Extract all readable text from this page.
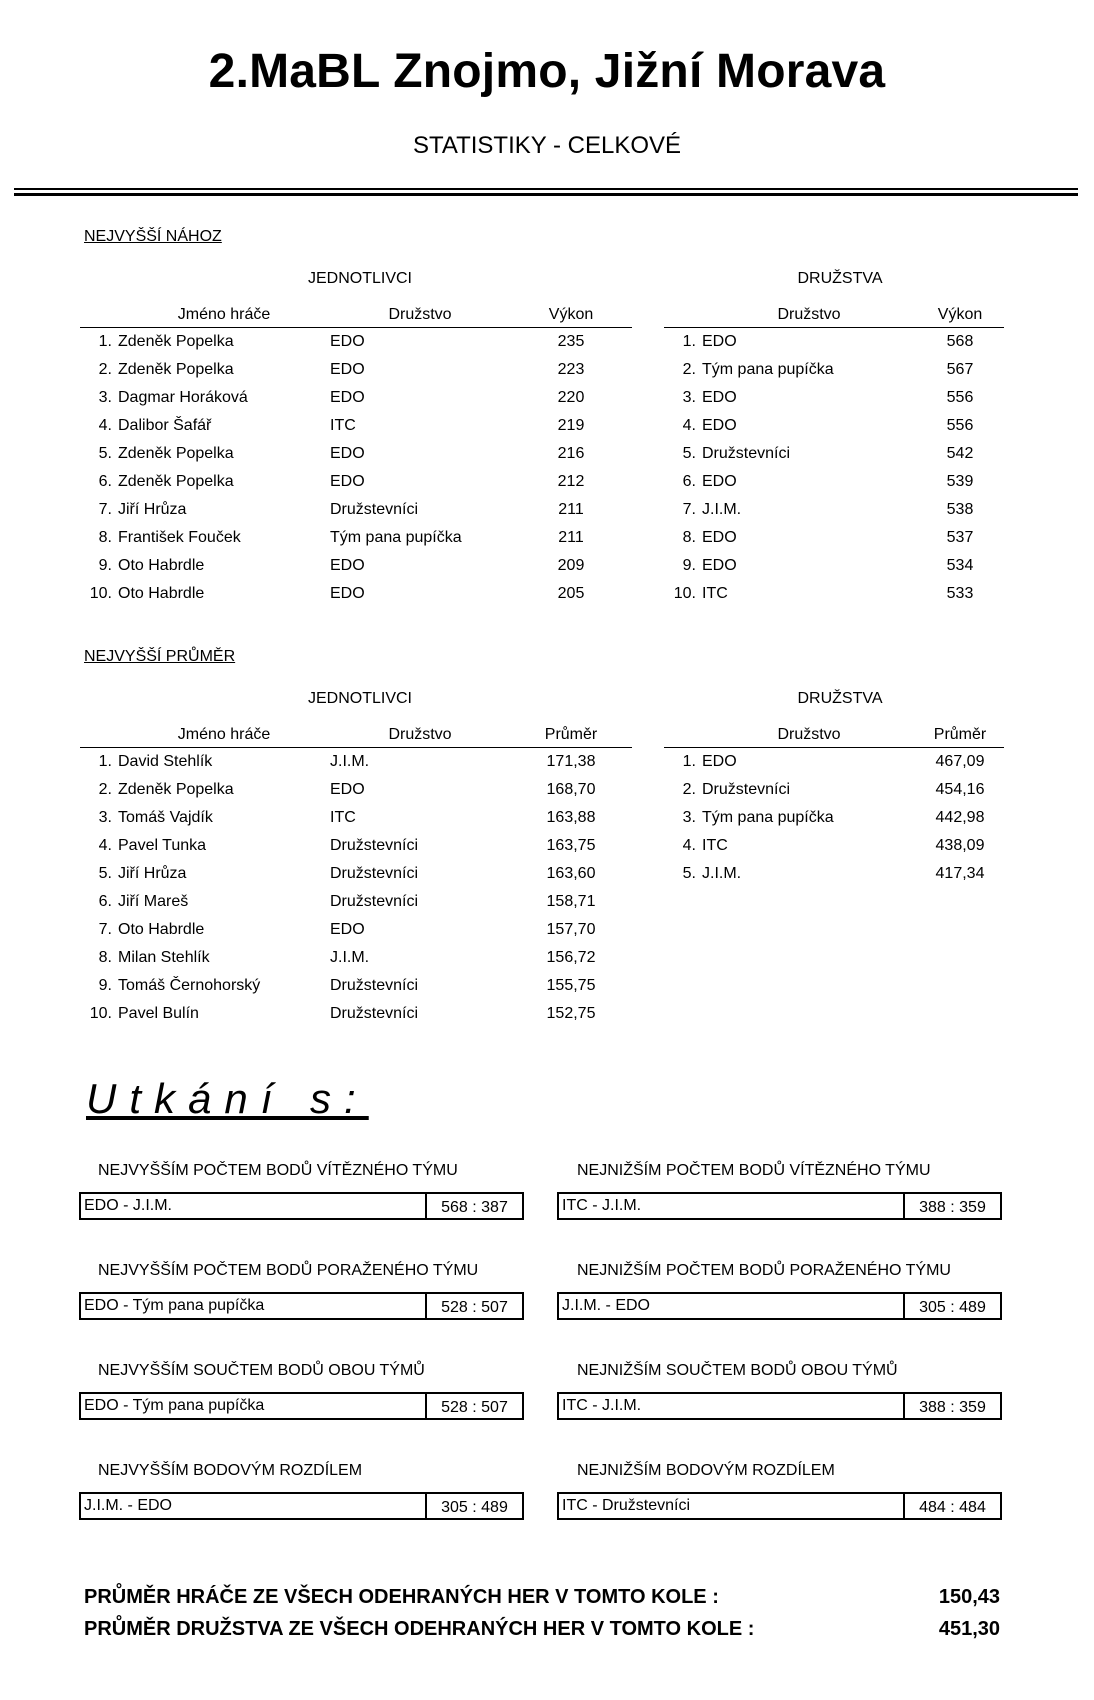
2.MaBL Znojmo, Jižní Morava
STATISTIKY - CELKOVÉ
NEJVYŠŠÍ NÁHOZ
JEDNOTLIVCI	DRUŽSTVA
	Jméno hráče	Družstvo	Výkon
1.	Zdeněk Popelka	EDO	235
2.	Zdeněk Popelka	EDO	223
3.	Dagmar Horáková	EDO	220
4.	Dalibor Šafář	ITC	219
5.	Zdeněk Popelka	EDO	216
6.	Zdeněk Popelka	EDO	212
7.	Jiří Hrůza	Družstevníci	211
8.	František Fouček	Tým pana pupíčka	211
9.	Oto Habrdle	EDO	209
10.	Oto Habrdle	EDO	205
	Družstvo	Výkon
1.	EDO	568
2.	Tým pana pupíčka	567
3.	EDO	556
4.	EDO	556
5.	Družstevníci	542
6.	EDO	539
7.	J.I.M.	538
8.	EDO	537
9.	EDO	534
10.	ITC	533
NEJVYŠŠÍ PRŮMĚR
JEDNOTLIVCI	DRUŽSTVA
	Jméno hráče	Družstvo	Průměr
1.	David Stehlík	J.I.M.	171,38
2.	Zdeněk Popelka	EDO	168,70
3.	Tomáš Vajdík	ITC	163,88
4.	Pavel Tunka	Družstevníci	163,75
5.	Jiří Hrůza	Družstevníci	163,60
6.	Jiří Mareš	Družstevníci	158,71
7.	Oto Habrdle	EDO	157,70
8.	Milan Stehlík	J.I.M.	156,72
9.	Tomáš Černohorský	Družstevníci	155,75
10.	Pavel Bulín	Družstevníci	152,75
	Družstvo	Průměr
1.	EDO	467,09
2.	Družstevníci	454,16
3.	Tým pana pupíčka	442,98
4.	ITC	438,09
5.	J.I.M.	417,34
Utkání s:
NEJVYŠŠÍM POČTEM BODŮ VÍTĚZNÉHO TÝMU
EDO - J.I.M.	568 : 387
NEJNIŽŠÍM POČTEM BODŮ VÍTĚZNÉHO TÝMU
ITC - J.I.M.	388 : 359
NEJVYŠŠÍM POČTEM BODŮ PORAŽENÉHO TÝMU
EDO - Tým pana pupíčka	528 : 507
NEJNIŽŠÍM POČTEM BODŮ PORAŽENÉHO TÝMU
J.I.M. - EDO	305 : 489
NEJVYŠŠÍM SOUČTEM BODŮ OBOU TÝMŮ
EDO - Tým pana pupíčka	528 : 507
NEJNIŽŠÍM SOUČTEM BODŮ OBOU TÝMŮ
ITC - J.I.M.	388 : 359
NEJVYŠŠÍM BODOVÝM ROZDÍLEM
J.I.M. - EDO	305 : 489
NEJNIŽŠÍM BODOVÝM ROZDÍLEM
ITC - Družstevníci	484 : 484
PRŮMĚR HRÁČE ZE VŠECH ODEHRANÝCH HER V TOMTO KOLE :	150,43
PRŮMĚR DRUŽSTVA ZE VŠECH ODEHRANÝCH HER V TOMTO KOLE :	451,30
